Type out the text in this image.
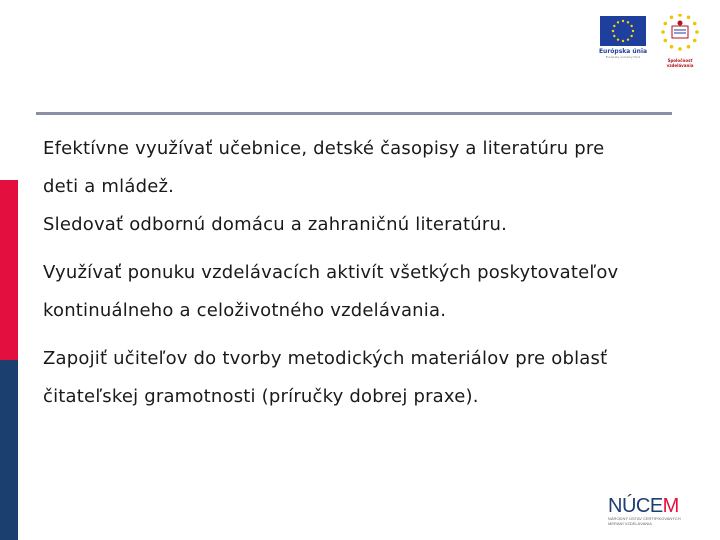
Európska únia
Európsky sociálny fond
Spoločnosť vzdelávania

Efektívne využívať učebnice, detské časopisy a literatúru pre
deti a mládež.

Sledovať odbornú domácu a zahraničnú literatúru.

Využívať ponuku vzdelávacích aktivít všetkých poskytovateľov
kontinuálneho a celoživotného vzdelávania.

Zapojiť učiteľov do tvorby metodických materiálov pre oblasť
čitateľskej gramotnosti (príručky dobrej praxe).

NÚCEM
NÁRODNÝ ÚSTAV CERTIFIKOVANÝCH MERANÍ VZDELÁVANIA
